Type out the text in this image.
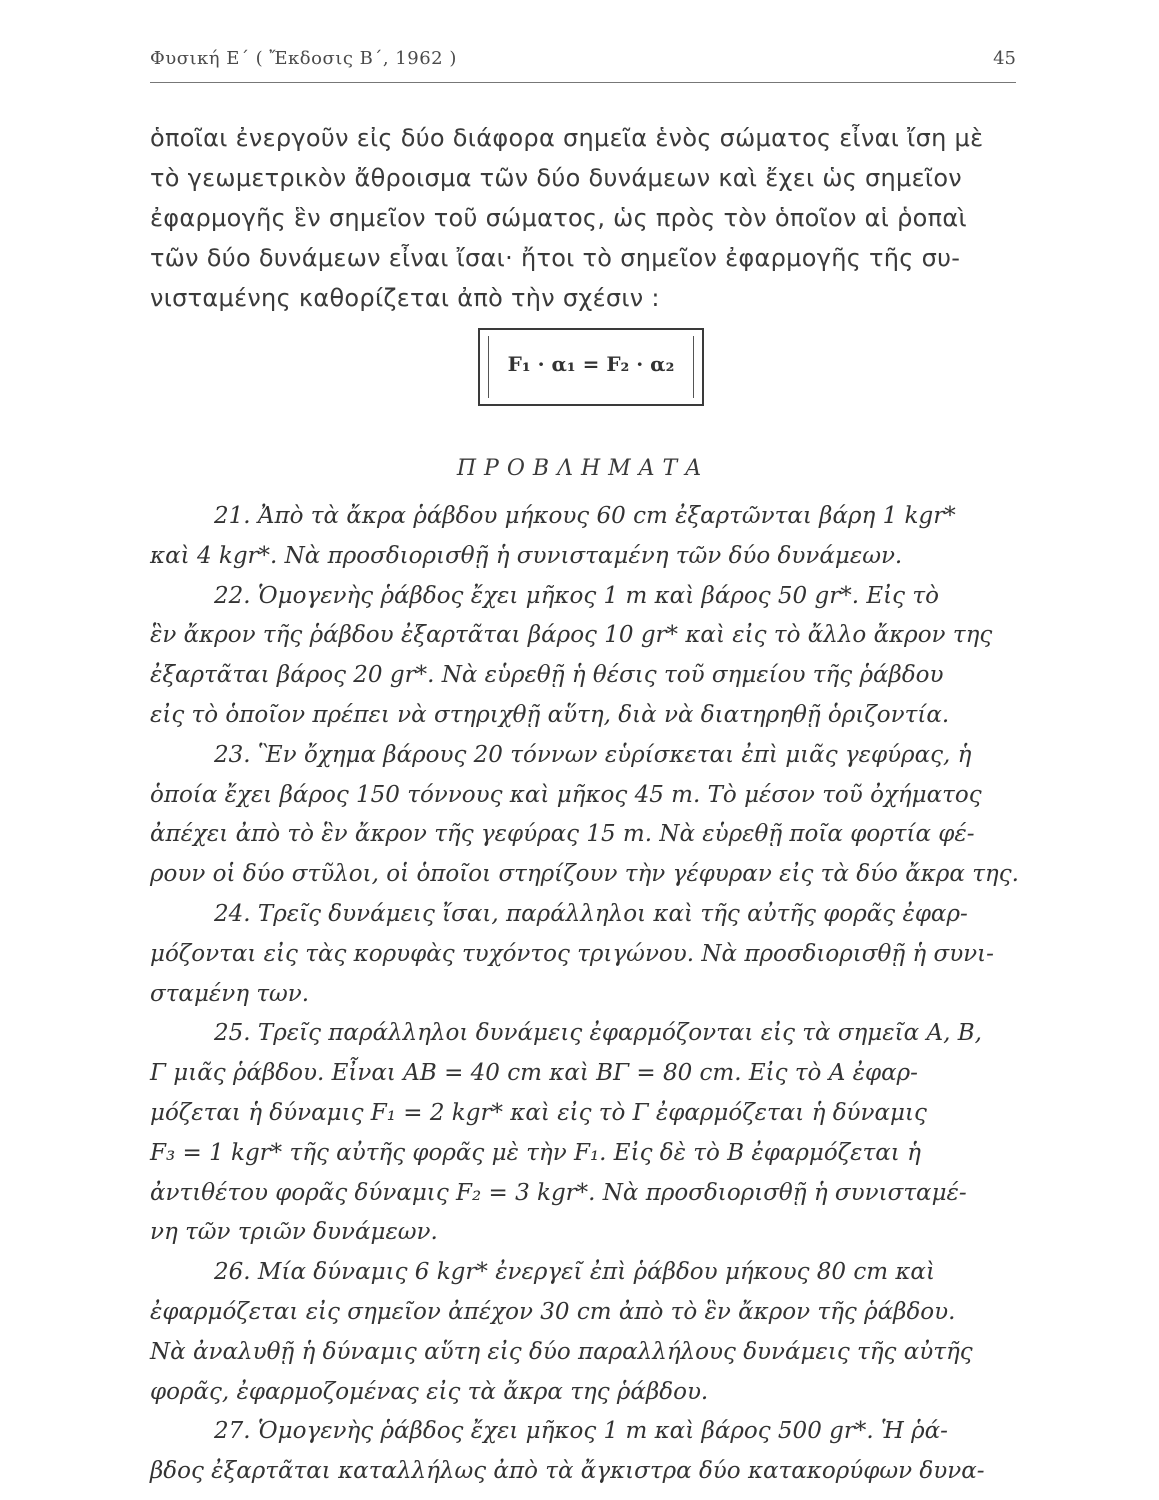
Φυσική Ε΄ ( Ἔκδοσις Β΄, 1962 )	45
ὁποῖαι ἐνεργοῦν εἰς δύο διάφορα σημεῖα ἑνὸς σώματος εἶναι ἴση μὲ
τὸ γεωμετρικὸν ἄθροισμα τῶν δύο δυνάμεων καὶ ἔχει ὡς σημεῖον
ἐφαρμογῆς ἓν σημεῖον τοῦ σώματος, ὡς πρὸς τὸν ὁποῖον αἱ ῥοπαὶ
τῶν δύο δυνάμεων εἶναι ἴσαι· ἤτοι τὸ σημεῖον ἐφαρμογῆς τῆς συ-
νισταμένης καθορίζεται ἀπὸ τὴν σχέσιν :
F₁ · α₁ = F₂ · α₂
ΠΡΟΒΛΗΜΑΤΑ
21. Ἀπὸ τὰ ἄκρα ῥάβδου μήκους 60 cm ἐξαρτῶνται βάρη 1 kgr*
καὶ 4 kgr*. Νὰ προσδιορισθῇ ἡ συνισταμένη τῶν δύο δυνάμεων.
22. Ὁμογενὴς ῥάβδος ἔχει μῆκος 1 m καὶ βάρος 50 gr*. Εἰς τὸ
ἓν ἄκρον τῆς ῥάβδου ἐξαρτᾶται βάρος 10 gr* καὶ εἰς τὸ ἄλλο ἄκρον της
ἐξαρτᾶται βάρος 20 gr*. Νὰ εὑρεθῇ ἡ θέσις τοῦ σημείου τῆς ῥάβδου
εἰς τὸ ὁποῖον πρέπει νὰ στηριχθῇ αὕτη, διὰ νὰ διατηρηθῇ ὁριζοντία.
23. Ἓν ὄχημα βάρους 20 τόννων εὑρίσκεται ἐπὶ μιᾶς γεφύρας, ἡ
ὁποία ἔχει βάρος 150 τόννους καὶ μῆκος 45 m. Τὸ μέσον τοῦ ὀχήματος
ἀπέχει ἀπὸ τὸ ἓν ἄκρον τῆς γεφύρας 15 m. Νὰ εὑρεθῇ ποῖα φορτία φέ-
ρουν οἱ δύο στῦλοι, οἱ ὁποῖοι στηρίζουν τὴν γέφυραν εἰς τὰ δύο ἄκρα της.
24. Τρεῖς δυνάμεις ἴσαι, παράλληλοι καὶ τῆς αὐτῆς φορᾶς ἐφαρ-
μόζονται εἰς τὰς κορυφὰς τυχόντος τριγώνου. Νὰ προσδιορισθῇ ἡ συνι-
σταμένη των.
25. Τρεῖς παράλληλοι δυνάμεις ἐφαρμόζονται εἰς τὰ σημεῖα Α, Β,
Γ μιᾶς ῥάβδου. Εἶναι ΑΒ = 40 cm καὶ ΒΓ = 80 cm. Εἰς τὸ Α ἐφαρ-
μόζεται ἡ δύναμις F₁ = 2 kgr* καὶ εἰς τὸ Γ ἐφαρμόζεται ἡ δύναμις
F₃ = 1 kgr* τῆς αὐτῆς φορᾶς μὲ τὴν F₁. Εἰς δὲ τὸ Β ἐφαρμόζεται ἡ
ἀντιθέτου φορᾶς δύναμις F₂ = 3 kgr*. Νὰ προσδιορισθῇ ἡ συνισταμέ-
νη τῶν τριῶν δυνάμεων.
26. Μία δύναμις 6 kgr* ἐνεργεῖ ἐπὶ ῥάβδου μήκους 80 cm καὶ
ἐφαρμόζεται εἰς σημεῖον ἀπέχον 30 cm ἀπὸ τὸ ἓν ἄκρον τῆς ῥάβδου.
Νὰ ἀναλυθῇ ἡ δύναμις αὕτη εἰς δύο παραλλήλους δυνάμεις τῆς αὐτῆς
φορᾶς, ἐφαρμοζομένας εἰς τὰ ἄκρα της ῥάβδου.
27. Ὁμογενὴς ῥάβδος ἔχει μῆκος 1 m καὶ βάρος 500 gr*. Ἡ ῥά-
βδος ἐξαρτᾶται καταλλήλως ἀπὸ τὰ ἄγκιστρα δύο κατακορύφων δυνα-
